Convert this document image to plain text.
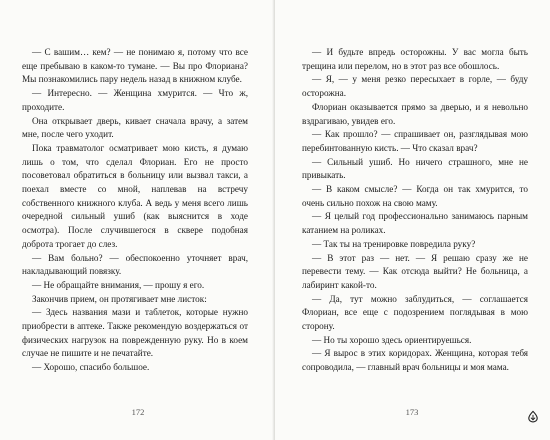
— С вашим… кем? — не понимаю я, потому что все еще пребываю в каком-то тумане. — Вы про Флориана? Мы познакомились пару недель назад в книжном клубе.

— Интересно. — Женщина хмурится. — Что ж, проходите.

Она открывает дверь, кивает сначала врачу, а затем мне, после чего уходит.

Пока травматолог осматривает мою кисть, я думаю лишь о том, что сделал Флориан. Его не просто посоветовал обратиться в больницу или вызвал такси, а поехал вместе со мной, наплевав на встречу собственного книжного клуба. А ведь у меня всего лишь очередной сильный ушиб (как выяснится в ходе осмотра). После случившегося в сквере подобная доброта трогает до слез.

— Вам больно? — обеспокоенно уточняет врач, накладывающий повязку.

— Не обращайте внимания, — прошу я его.

Закончив прием, он протягивает мне листок:

— Здесь названия мази и таблеток, которые нужно приобрести в аптеке. Также рекомендую воздержаться от физических нагрузок на поврежденную руку. Но в коем случае не пишите и не печатайте.

— Хорошо, спасибо большое.

172

— И будьте впредь осторожны. У вас могла быть трещина или перелом, но в этот раз все обошлось.

— Я, — у меня резко пересыхает в горле, — буду осторожна.

Флориан оказывается прямо за дверью, и я невольно вздрагиваю, увидев его.

— Как прошло? — спрашивает он, разглядывая мою перебинтованную кисть. — Что сказал врач?

— Сильный ушиб. Но ничего страшного, мне не привыкать.

— В каком смысле? — Когда он так хмурится, то очень сильно похож на свою маму.

— Я целый год профессионально занимаюсь парным катанием на роликах.

— Так ты на тренировке повредила руку?

— В этот раз — нет. — Я решаю сразу же не перевести тему. — Как отсюда выйти? Не больница, а лабиринт какой-то.

— Да, тут можно заблудиться, — соглашается Флориан, все еще с подозрением поглядывая в мою сторону.

— Но ты хорошо здесь ориентируешься.

— Я вырос в этих коридорах. Женщина, которая тебя сопроводила, — главный врач больницы и моя мама.

173
